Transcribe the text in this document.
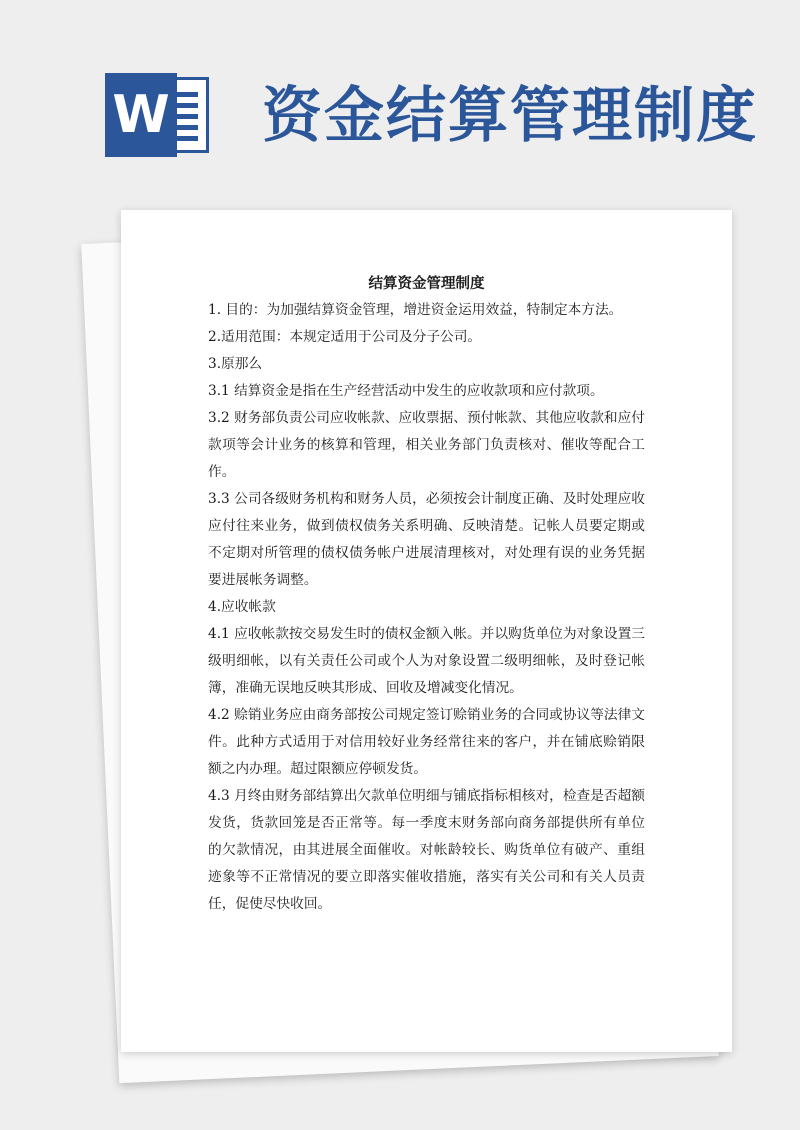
W 资金结算管理制度
结算资金管理制度

1. 目的：为加强结算资金管理，增进资金运用效益，特制定本方法。

2.适用范围：本规定适用于公司及分子公司。

3.原那么

3.1 结算资金是指在生产经营活动中发生的应收款项和应付款项。

3.2 财务部负责公司应收帐款、应收票据、预付帐款、其他应收款和应付款项等会计业务的核算和管理，相关业务部门负责核对、催收等配合工作。

3.3 公司各级财务机构和财务人员，必须按会计制度正确、及时处理应收应付往来业务，做到债权债务关系明确、反映清楚。记帐人员要定期或不定期对所管理的债权债务帐户进展清理核对，对处理有误的业务凭据要进展帐务调整。

4.应收帐款

4.1 应收帐款按交易发生时的债权金额入帐。并以购货单位为对象设置三级明细帐，以有关责任公司或个人为对象设置二级明细帐，及时登记帐簿，准确无误地反映其形成、回收及增减变化情况。

4.2 赊销业务应由商务部按公司规定签订赊销业务的合同或协议等法律文件。此种方式适用于对信用较好业务经常往来的客户，并在铺底赊销限额之内办理。超过限额应停顿发货。

4.3 月终由财务部结算出欠款单位明细与铺底指标相核对，检查是否超额发货，货款回笼是否正常等。每一季度末财务部向商务部提供所有单位的欠款情况，由其进展全面催收。对帐龄较长、购货单位有破产、重组迹象等不正常情况的要立即落实催收措施，落实有关公司和有关人员责任，促使尽快收回。
